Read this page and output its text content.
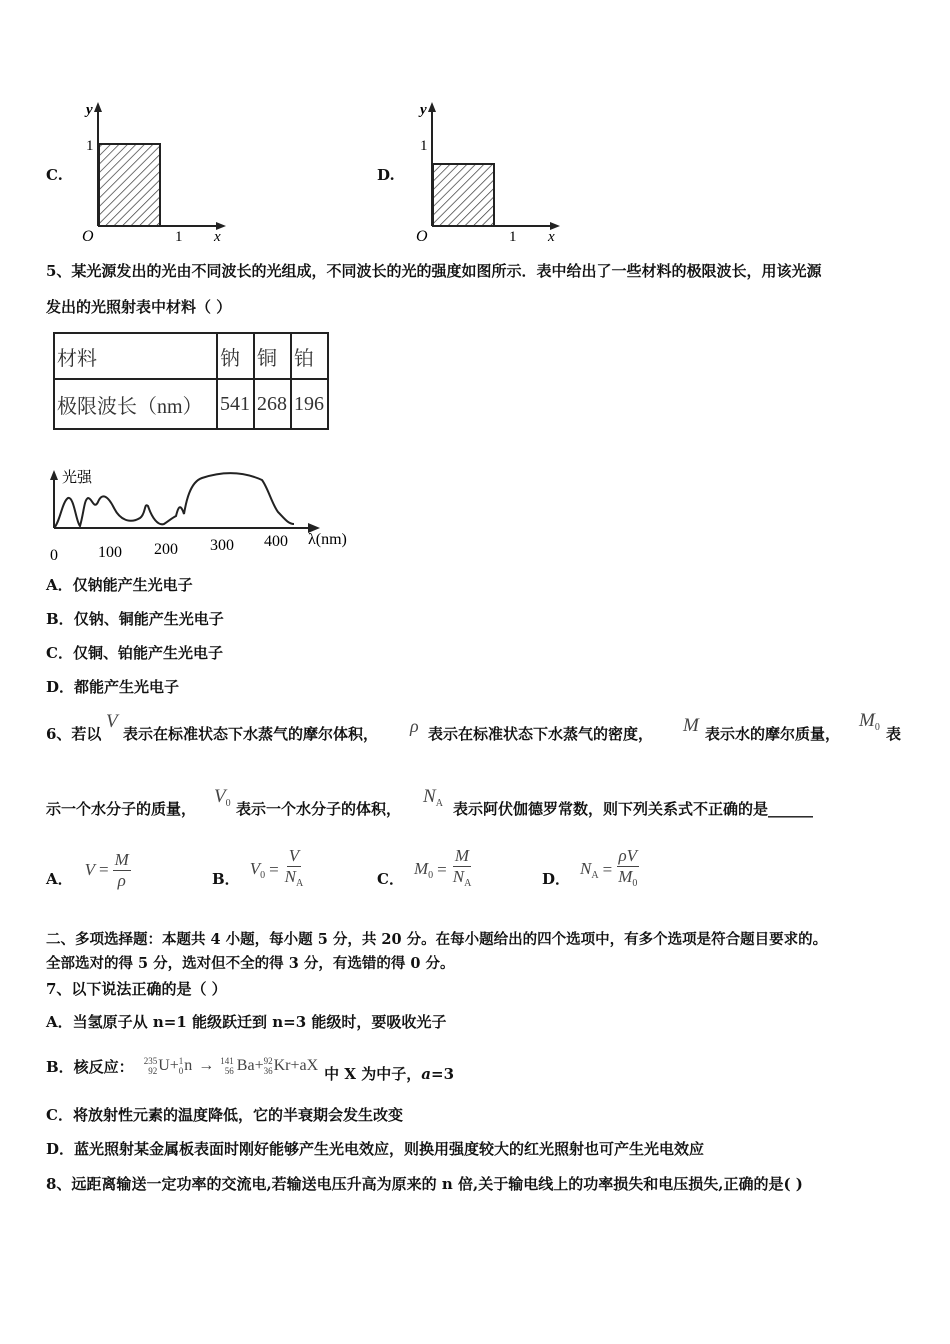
C.
y
1
O	1 x
D.
y
1
O	1 x
5、某光源发出的光由不同波长的光组成，不同波长的光的强度如图所示．表中给出了一些材料的极限波长，用该光源
发出的光照射表中材料（ ）
材料	钠	铜	铂
极限波长（nm）	541	268	196
光强
0	100 200 300 400 λ(nm)
A．仅钠能产生光电子
B．仅钠、铜能产生光电子
C．仅铜、铂能产生光电子
D．都能产生光电子
6、若以
V
表示在标准状态下水蒸气的摩尔体积， ρ 表示在标准状态下水蒸气的密度， M 表示水的摩尔质量，
$M_0$ 表
示一个水分子的质量，
$V_0$ 表示一个水分子的体积，
$N_A$ 表示阿伏伽德罗常数，则下列关系式不正确的是______
A． $V = \frac{M}{\rho}$	B．
$V_0 = \frac{V}{N_A}$	C．
$M_0 = \frac{M}{N_A}$	D．
$N_A = \frac{\rho V}{M_0}$
二、多项选择题：本题共 4 小题，每小题 5 分，共 20 分。在每小题给出的四个选项中，有多个选项是符合题目要求的。
全部选对的得 5 分，选对但不全的得 3 分，有选错的得 0 分。
7、以下说法正确的是（ ）
A．当氢原子从 n=1 能级跃迁到 n=3 能级时，要吸收光子
B．核反应： 235
92 U + 1
0 n → 141
56 Ba + 92
36 Kr +aX 中 X 为中子，a=3
C．将放射性元素的温度降低，它的半衰期会发生改变
D．蓝光照射某金属板表面时刚好能够产生光电效应，则换用强度较大的红光照射也可产生光电效应
8、远距离输送一定功率的交流电,若输送电压升高为原来的 n 倍,关于输电线上的功率损失和电压损失,正确的是( )
